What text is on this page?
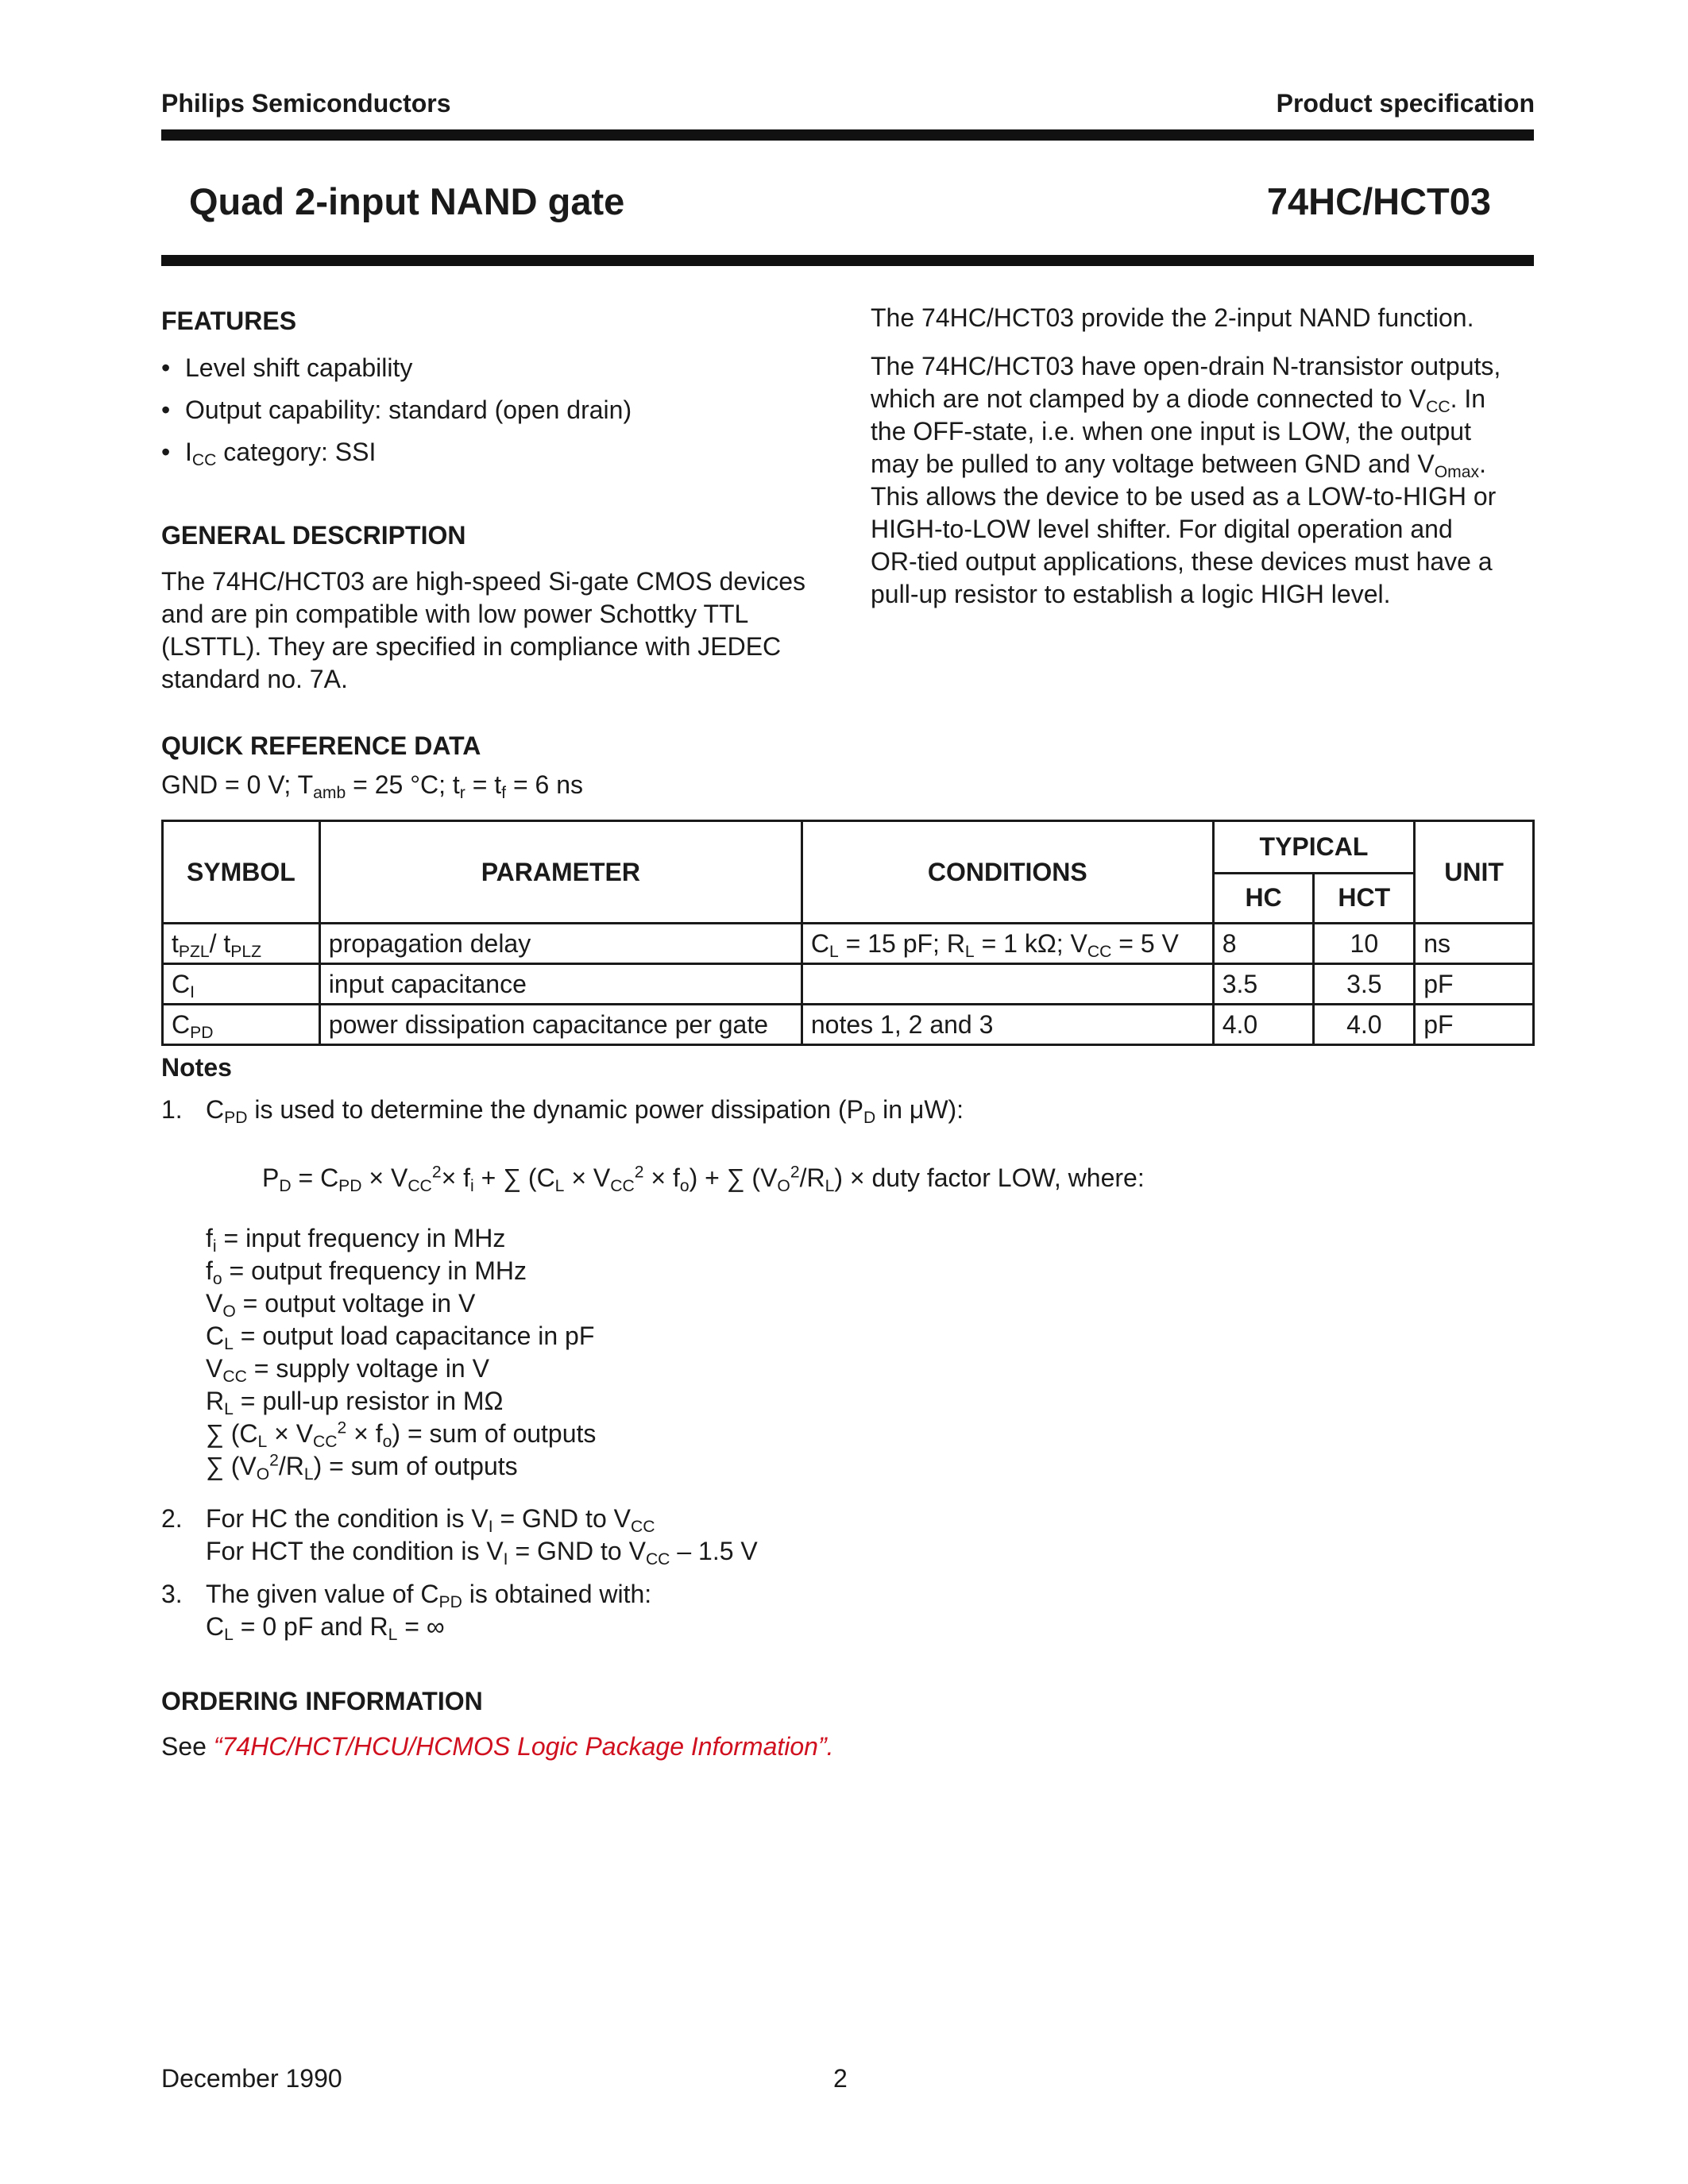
Philips Semiconductors	Product specification
Quad 2-input NAND gate	74HC/HCT03
FEATURES
• Level shift capability
• Output capability: standard (open drain)
• $I_{CC}$ category: SSI
GENERAL DESCRIPTION
The 74HC/HCT03 are high-speed Si-gate CMOS devices
and are pin compatible with low power Schottky TTL
(LSTTL). They are specified in compliance with JEDEC
standard no. 7A.
The 74HC/HCT03 provide the 2-input NAND function.
The 74HC/HCT03 have open-drain N-transistor outputs,
which are not clamped by a diode connected to $V_{CC}$. In
the OFF-state, i.e. when one input is LOW, the output
may be pulled to any voltage between GND and $V_{Omax}$.
This allows the device to be used as a LOW-to-HIGH or
HIGH-to-LOW level shifter. For digital operation and
OR-tied output applications, these devices must have a
pull-up resistor to establish a logic HIGH level.
QUICK REFERENCE DATA
GND = 0 V; $T_{amb} = 25$ °C; $t_r = t_f = 6$ ns
SYMBOL	PARAMETER	CONDITIONS	TYPICAL		UNIT
			HC	HCT	
$t_{PZL}/$ $t_{PLZ}$	propagation delay	$C_L = 15$ pF; $R_L = 1$ kΩ; $V_{CC} = 5$ V	8	10	ns
$C_I$	input capacitance		3.5	3.5	pF
$C_{PD}$	power dissipation capacitance per gate	notes 1, 2 and 3	4.0	4.0	pF
Notes
1. $C_{PD}$ is used to determine the dynamic power dissipation ($P_D$ in μW):
$P_D = C_{PD} \times V_{CC}^2\times f_i$ + ∑ $(C_L \times V_{CC}^2 \times f_o)$ + ∑ $(V_O^2/R_L)$ × duty factor LOW, where:
$f_i$ = input frequency in MHz
$f_o$ = output frequency in MHz
$V_O$ = output voltage in V
$C_L$ = output load capacitance in pF
$V_{CC}$ = supply voltage in V
$R_L$ = pull-up resistor in MΩ
∑ $(C_L \times V_{CC}^2 \times f_o)$ = sum of outputs
∑ $(V_O^2/R_L)$ = sum of outputs
2. For HC the condition is $V_I$ = GND to $V_{CC}$
For HCT the condition is $V_I$ = GND to $V_{CC} - 1.5$ V
3. The given value of $C_{PD}$ is obtained with:
$C_L = 0$ pF and $R_L$ = ∞
ORDERING INFORMATION
See “74HC/HCT/HCU/HCMOS Logic Package Information”.
December 1990	2
